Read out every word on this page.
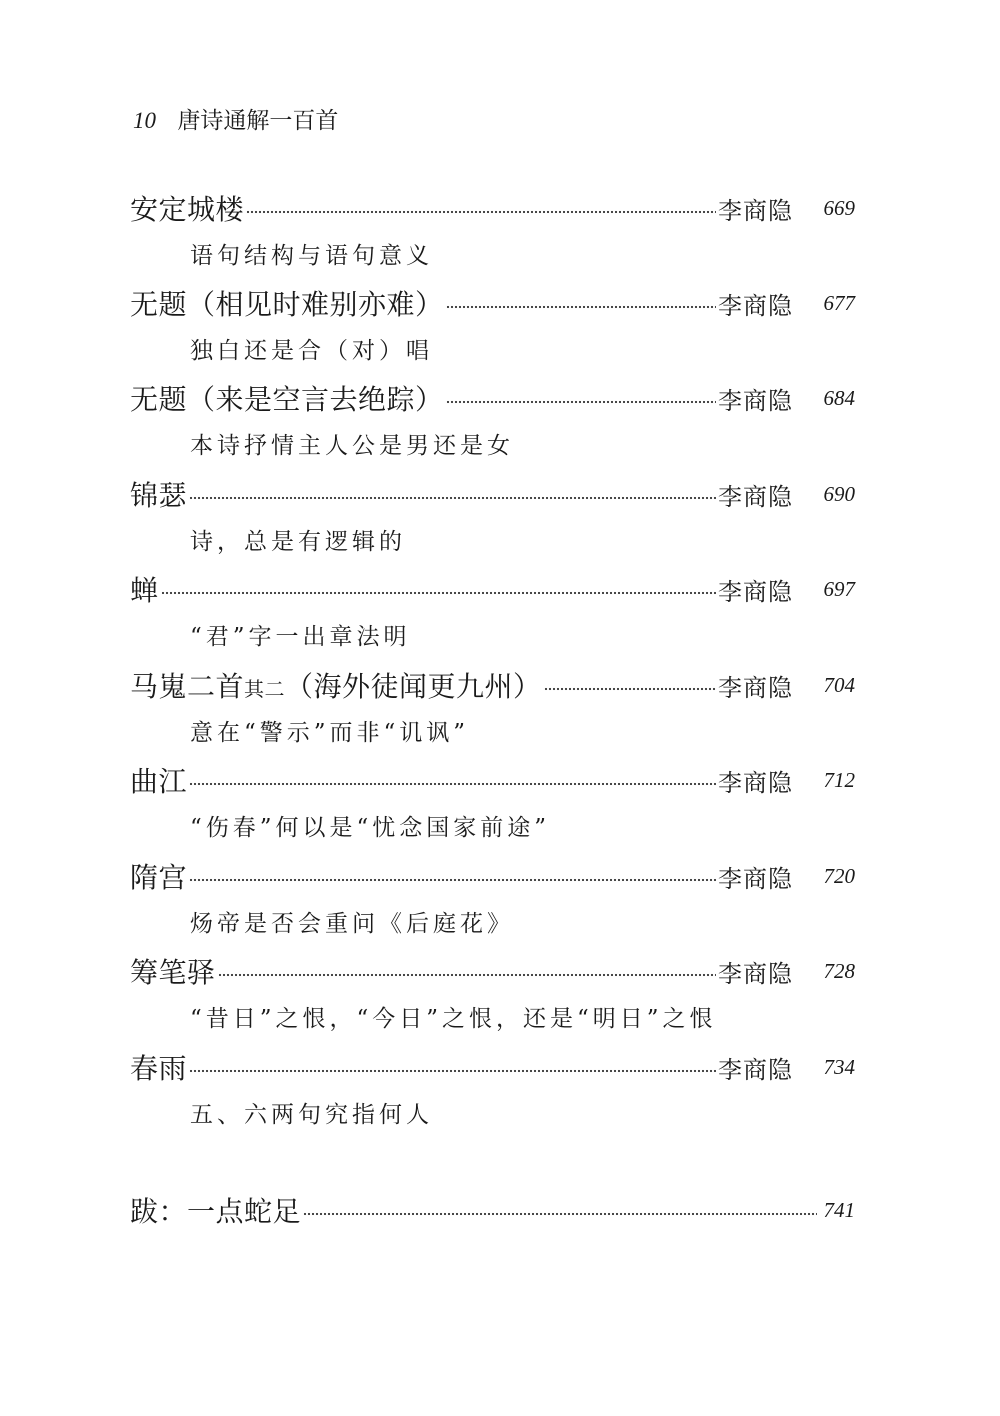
10 唐诗通解一百首
安定城楼	李商隐 669
语句结构与语句意义
无题（相见时难别亦难）	李商隐 677
独白还是合（对）唱
无题（来是空言去绝踪）	李商隐 684
本诗抒情主人公是男还是女
锦瑟	李商隐 690
诗，总是有逻辑的
蝉	李商隐 697
“君”字一出章法明
马嵬二首其二（海外徒闻更九州）	李商隐 704
意在“警示”而非“讥讽”
曲江	李商隐 712
“伤春”何以是“忧念国家前途”
隋宫	李商隐 720
炀帝是否会重问《后庭花》
筹笔驿	李商隐 728
“昔日”之恨，“今日”之恨，还是“明日”之恨
春雨	李商隐 734
五、六两句究指何人
跋：一点蛇足	741
